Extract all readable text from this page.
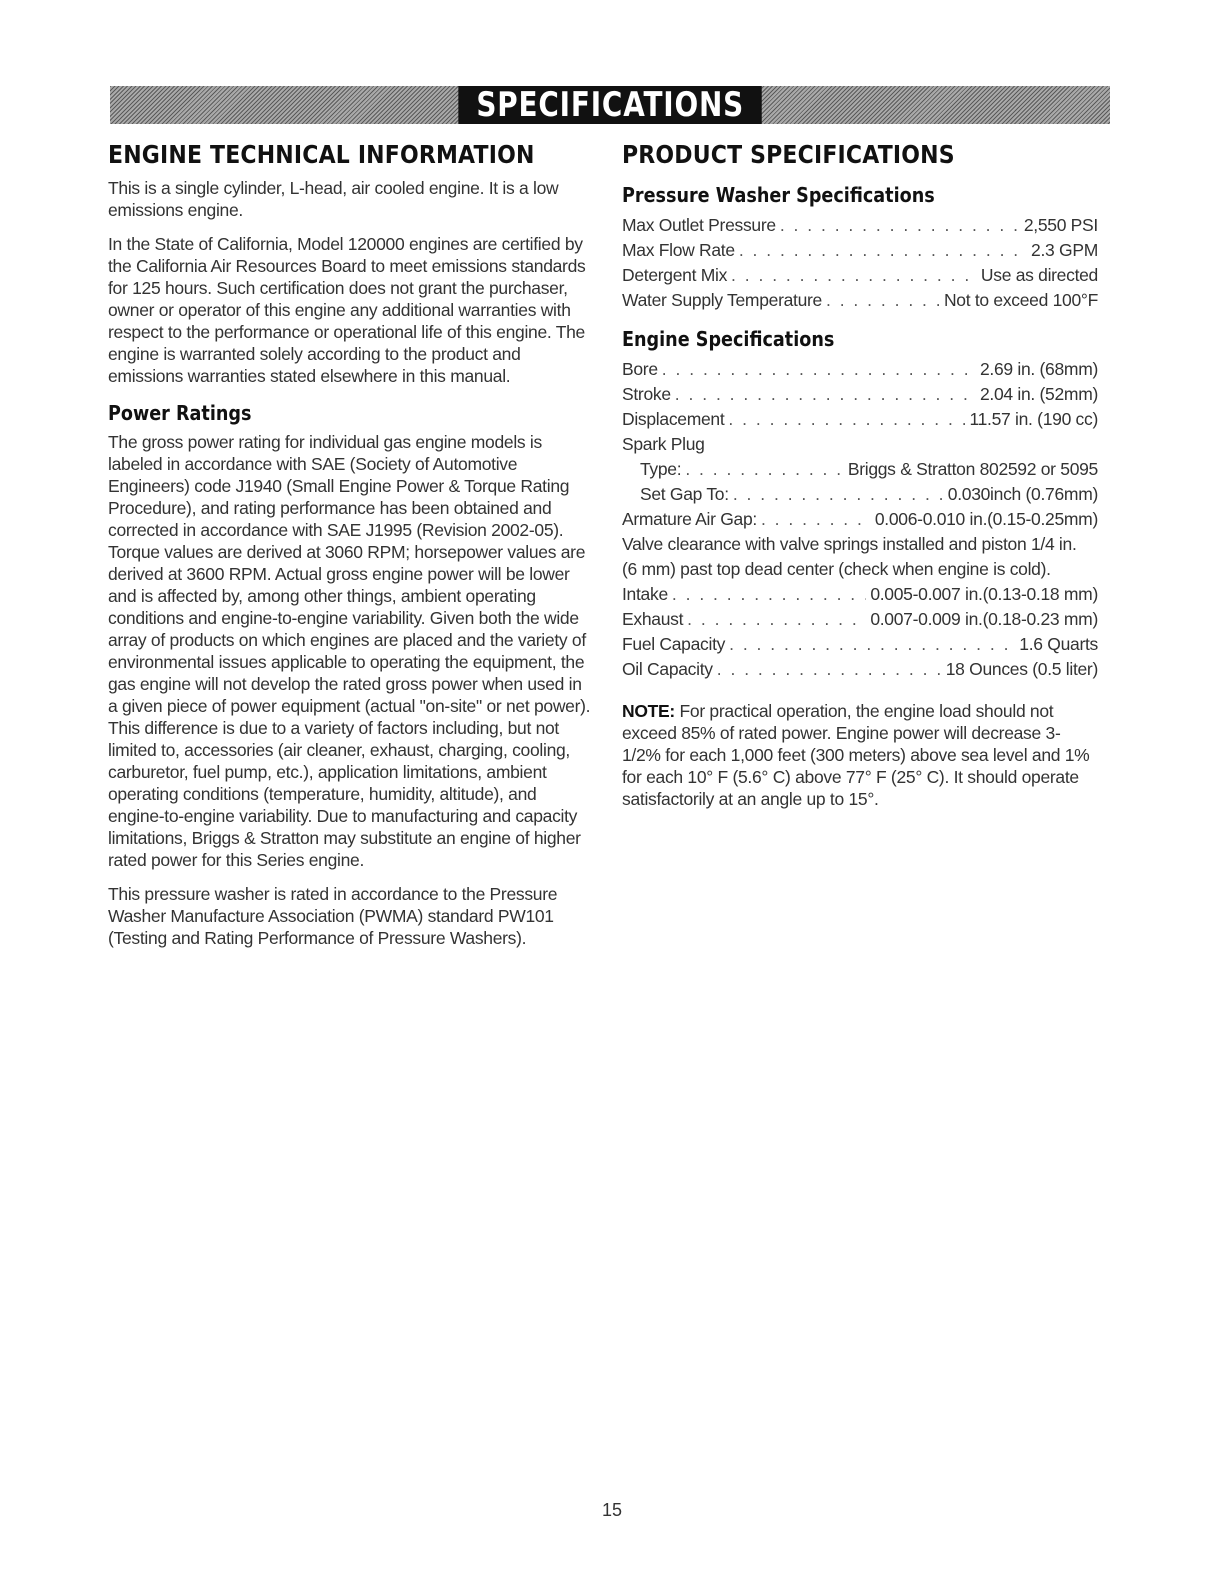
SPECIFICATIONS
ENGINE TECHNICAL INFORMATION

This is a single cylinder, L-head, air cooled engine. It is a low emissions engine.

In the State of California, Model 120000 engines are certified by the California Air Resources Board to meet emissions standards for 125 hours. Such certification does not grant the purchaser, owner or operator of this engine any additional warranties with respect to the performance or operational life of this engine. The engine is warranted solely according to the product and emissions warranties stated elsewhere in this manual.

Power Ratings

The gross power rating for individual gas engine models is labeled in accordance with SAE (Society of Automotive Engineers) code J1940 (Small Engine Power & Torque Rating Procedure), and rating performance has been obtained and corrected in accordance with SAE J1995 (Revision 2002-05). Torque values are derived at 3060 RPM; horsepower values are derived at 3600 RPM. Actual gross engine power will be lower and is affected by, among other things, ambient operating conditions and engine-to-engine variability. Given both the wide array of products on which engines are placed and the variety of environmental issues applicable to operating the equipment, the gas engine will not develop the rated gross power when used in a given piece of power equipment (actual "on-site" or net power). This difference is due to a variety of factors including, but not limited to, accessories (air cleaner, exhaust, charging, cooling, carburetor, fuel pump, etc.), application limitations, ambient operating conditions (temperature, humidity, altitude), and engine-to-engine variability. Due to manufacturing and capacity limitations, Briggs & Stratton may substitute an engine of higher rated power for this Series engine.

This pressure washer is rated in accordance to the Pressure Washer Manufacture Association (PWMA) standard PW101 (Testing and Rating Performance of Pressure Washers).

PRODUCT SPECIFICATIONS
Pressure Washer Specifications
Max Outlet Pressure . . .	2,550 PSI
Max Flow Rate . . .	2.3 GPM
Detergent Mix . . .	Use as directed
Water Supply Temperature . . .	Not to exceed 100°F
Engine Specifications
Bore . . .	2.69 in. (68mm)
Stroke . . .	2.04 in. (52mm)
Displacement . . .	11.57 in. (190 cc)
Spark Plug
Type: . . .	Briggs & Stratton 802592 or 5095
Set Gap To: . . .	0.030inch (0.76mm)
Armature Air Gap: . . .	0.006-0.010 in.(0.15-0.25mm)
Valve clearance with valve springs installed and piston 1/4 in.
(6 mm) past top dead center (check when engine is cold).
Intake . . .	0.005-0.007 in.(0.13-0.18 mm)
Exhaust . . .	0.007-0.009 in.(0.18-0.23 mm)
Fuel Capacity . . .	1.6 Quarts
Oil Capacity . . .	18 Ounces (0.5 liter)

NOTE: For practical operation, the engine load should not exceed 85% of rated power. Engine power will decrease 3-1/2% for each 1,000 feet (300 meters) above sea level and 1% for each 10° F (5.6° C) above 77° F (25° C). It should operate satisfactorily at an angle up to 15°.

15
